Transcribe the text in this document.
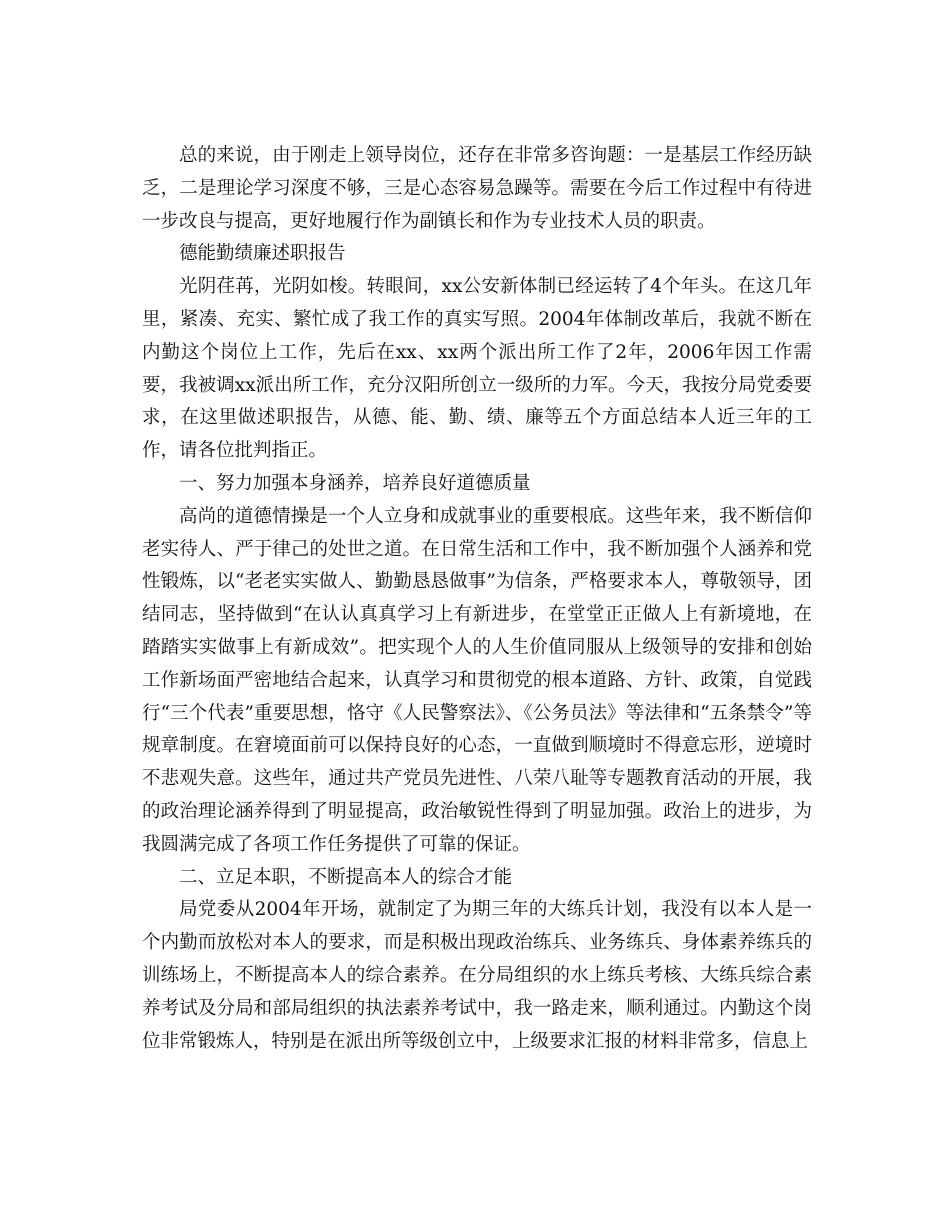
总的来说，由于刚走上领导岗位，还存在非常多咨询题：一是基层工作经历缺乏，二是理论学习深度不够，三是心态容易急躁等。需要在今后工作过程中有待进一步改良与提高，更好地履行作为副镇长和作为专业技术人员的职责。

德能勤绩廉述职报告

光阴荏苒，光阴如梭。转眼间，xx公安新体制已经运转了4个年头。在这几年里，紧凑、充实、繁忙成了我工作的真实写照。2004年体制改革后，我就不断在内勤这个岗位上工作，先后在xx、xx两个派出所工作了2年，2006年因工作需要，我被调xx派出所工作，充分汉阳所创立一级所的力军。今天，我按分局党委要求，在这里做述职报告，从德、能、勤、绩、廉等五个方面总结本人近三年的工作，请各位批判指正。

一、努力加强本身涵养，培养良好道德质量

高尚的道德情操是一个人立身和成就事业的重要根底。这些年来，我不断信仰老实待人、严于律己的处世之道。在日常生活和工作中，我不断加强个人涵养和党性锻炼，以“老老实实做人、勤勤恳恳做事”为信条，严格要求本人，尊敬领导，团结同志，坚持做到“在认认真真学习上有新进步，在堂堂正正做人上有新境地，在踏踏实实做事上有新成效”。把实现个人的人生价值同服从上级领导的安排和创始工作新场面严密地结合起来，认真学习和贯彻党的根本道路、方针、政策，自觉践行“三个代表”重要思想，恪守《人民警察法》、《公务员法》等法律和“五条禁令”等规章制度。在窘境面前可以保持良好的心态，一直做到顺境时不得意忘形，逆境时不悲观失意。这些年，通过共产党员先进性、八荣八耻等专题教育活动的开展，我的政治理论涵养得到了明显提高，政治敏锐性得到了明显加强。政治上的进步，为我圆满完成了各项工作任务提供了可靠的保证。

二、立足本职，不断提高本人的综合才能

局党委从2004年开场，就制定了为期三年的大练兵计划，我没有以本人是一个内勤而放松对本人的要求，而是积极出现政治练兵、业务练兵、身体素养练兵的训练场上，不断提高本人的综合素养。在分局组织的水上练兵考核、大练兵综合素养考试及分局和部局组织的执法素养考试中，我一路走来，顺利通过。内勤这个岗位非常锻炼人，特别是在派出所等级创立中，上级要求汇报的材料非常多，信息上
